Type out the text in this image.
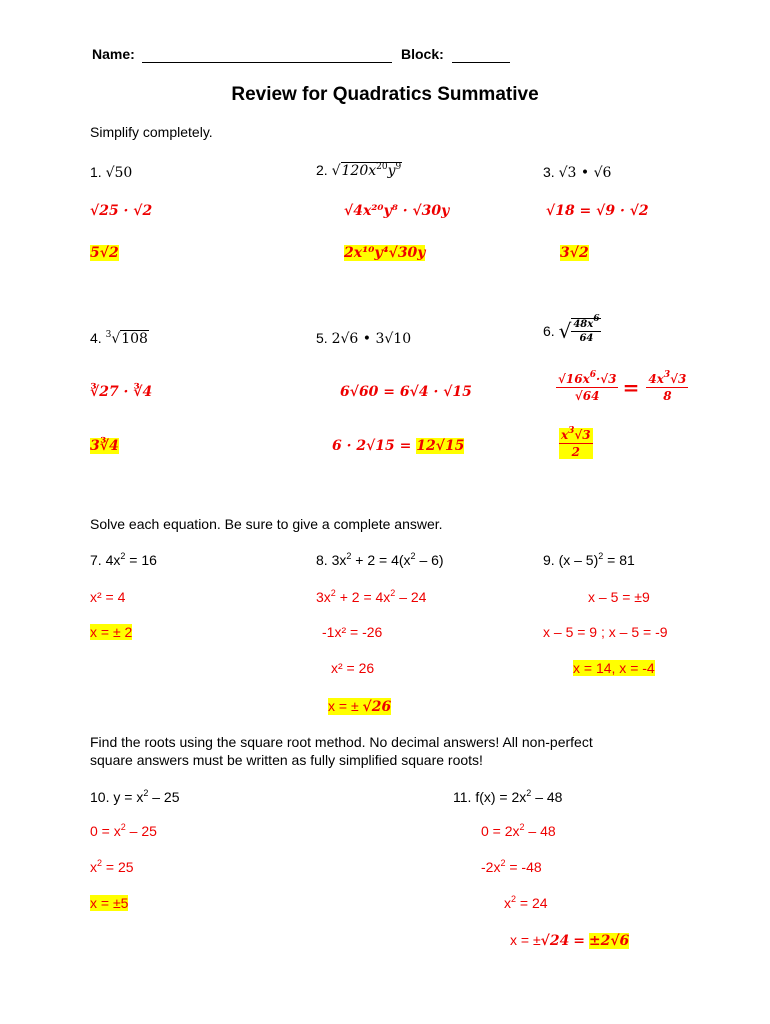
Name:	Block:
Review for Quadratics Summative
Simplify completely.
1. √50
√25 · √2
5√2
2. $√120x^{20}y^9$
√4x²⁰y⁸ · √30y
2x¹⁰y⁴√30y
3. √3 • √6
√18 = √9 · √2
3√2
4. $^3$√108
∛27 · ∛4
3∛4
5. 2√6 • 3√10
6√60 = 6√4 · √15
6 · 2√15 = 12√15
6. √ $\frac{48x^6}{64}$
$\frac{√16x^6\cdot√3}{√64} = \frac{4x^3√3}{8}$
$\frac{x^3√3}{2}$
Solve each equation. Be sure to give a complete answer.
7. $4x^2 = 16$
x² = 4
x = ± 2
8. $3x^2 + 2 = 4(x^2 - 6)$
$3x^2 + 2 = 4x^2 - 24$
-1x² = -26
x² = 26
x = ± √26
9. (x – 5)$^2$ = 81
x – 5 = ±9
x – 5 = 9 ; x – 5 = -9
x = 14, x = -4
Find the roots using the square root method. No decimal answers! All non-perfect
square answers must be written as fully simplified square roots!
10. $y = x^2 - 25$
$0 = x^2 - 25$
$x^2 = 25$
x = ±5
11. $f(x) = 2x^2 - 48$
$0 = 2x^2 - 48$
$-2x^2 = -48$
$x^2 = 24$
x = ±√24 = ±2√6
